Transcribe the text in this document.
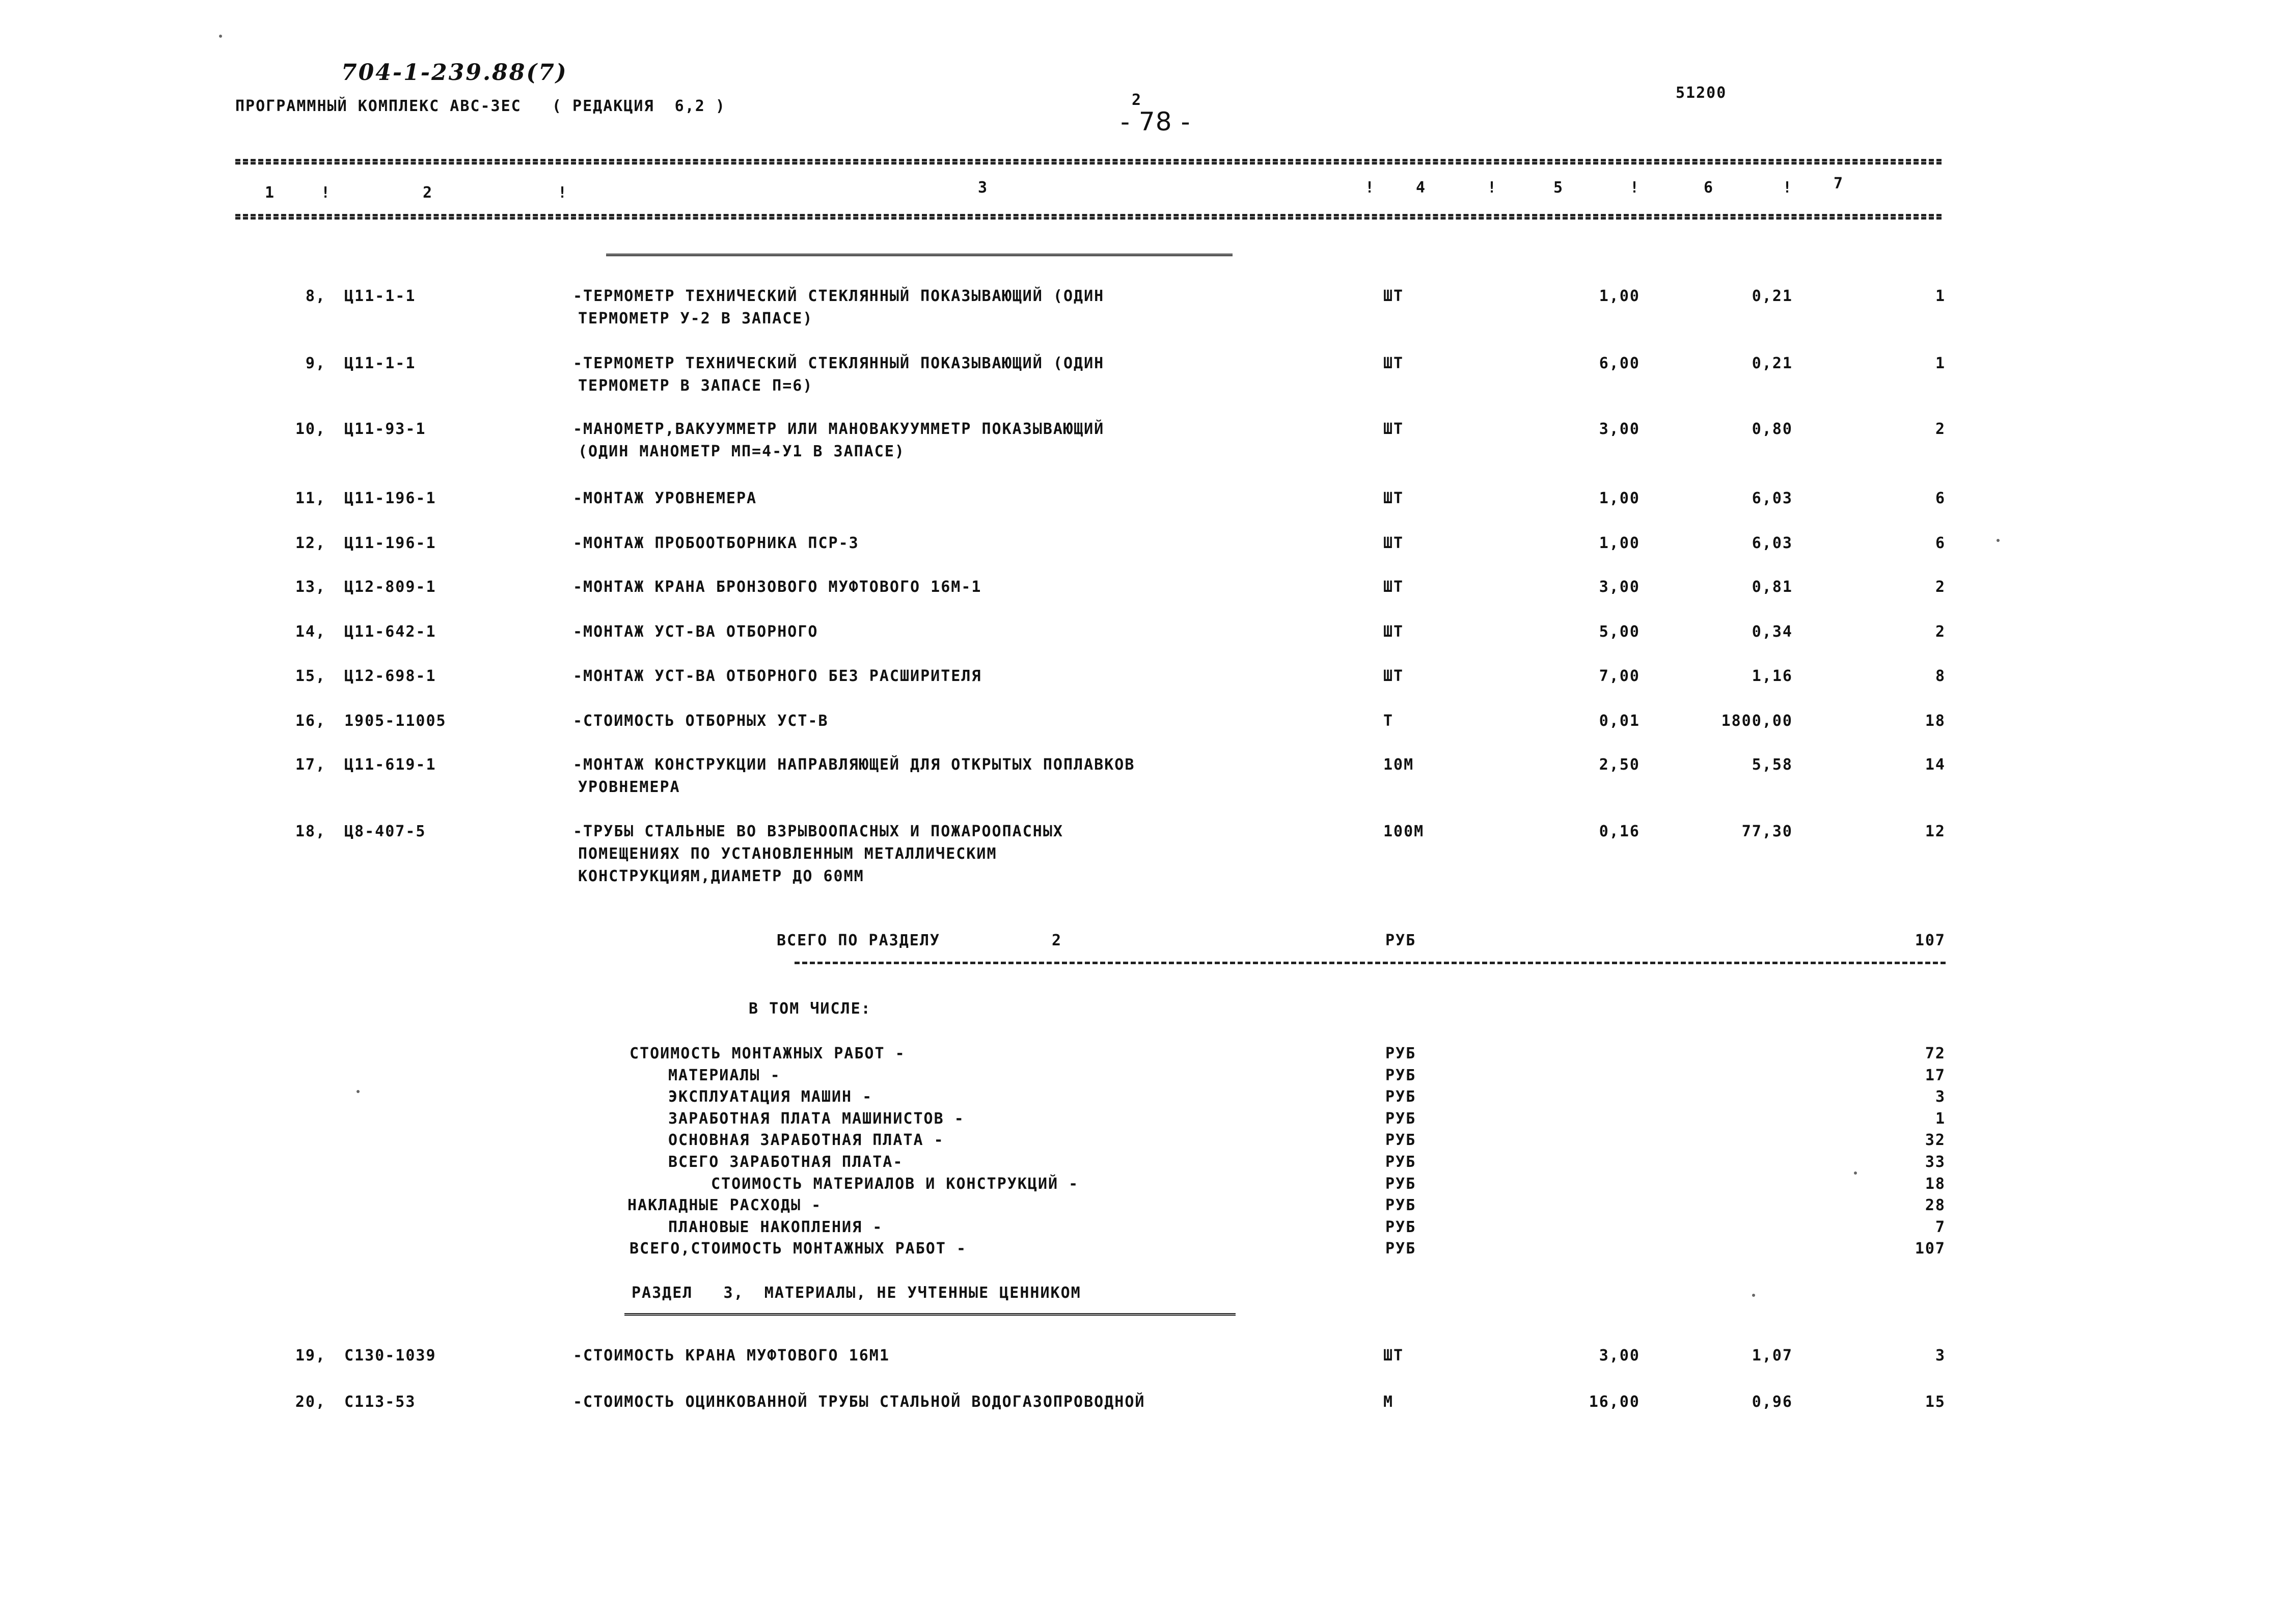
704-1-239.88(7)
ПРОГРАММНЫЙ КОМПЛЕКС АВС-ЗЕС   ( РЕДАКЦИЯ  6,2 )	2
- 78 -
51200
1	!	2	!	3	!	4	!	5	!	6	!	7
8, Ц11-1-1	-ТЕРМОМЕТР ТЕХНИЧЕСКИЙ СТЕКЛЯННЫЙ ПОКАЗЫВАЮЩИЙ (ОДИН
ТЕРМОМЕТР У-2 В ЗАПАСЕ)
ШТ	1,00	0,21	1
9, Ц11-1-1	-ТЕРМОМЕТР ТЕХНИЧЕСКИЙ СТЕКЛЯННЫЙ ПОКАЗЫВАЮЩИЙ (ОДИН
ТЕРМОМЕТР В ЗАПАСЕ П=6)
ШТ	6,00	0,21	1
10, Ц11-93-1	-МАНОМЕТР,ВАКУУММЕТР ИЛИ МАНОВАКУУММЕТР ПОКАЗЫВАЮЩИЙ
(ОДИН МАНОМЕТР МП=4-У1 В ЗАПАСЕ)
ШТ	3,00	0,80	2
11, Ц11-196-1	-МОНТАЖ УРОВНЕМЕРА	ШТ	1,00	6,03	6
12, Ц11-196-1	-МОНТАЖ ПРОБООТБОРНИКА ПСР-3	ШТ	1,00	6,03	6
13, Ц12-809-1	-МОНТАЖ КРАНА БРОНЗОВОГО МУФТОВОГО 16М-1	ШТ	3,00	0,81	2
14, Ц11-642-1	-МОНТАЖ УСТ-ВА ОТБОРНОГО	ШТ	5,00	0,34	2
15, Ц12-698-1	-МОНТАЖ УСТ-ВА ОТБОРНОГО БЕЗ РАСШИРИТЕЛЯ	ШТ	7,00	1,16	8
16, 1905-11005	-СТОИМОСТЬ ОТБОРНЫХ УСТ-В	Т	0,01	1800,00	18
17, Ц11-619-1	-МОНТАЖ КОНСТРУКЦИИ НАПРАВЛЯЮЩЕЙ ДЛЯ ОТКРЫТЫХ ПОПЛАВКОВ
УРОВНЕМЕРА
10М	2,50	5,58	14
18, Ц8-407-5	-ТРУБЫ СТАЛЬНЫЕ ВО ВЗРЫВООПАСНЫХ И ПОЖАРООПАСНЫХ
ПОМЕЩЕНИЯХ ПО УСТАНОВЛЕННЫМ МЕТАЛЛИЧЕСКИМ
КОНСТРУКЦИЯМ,ДИАМЕТР ДО 60ММ
100М	0,16	77,30	12
ВСЕГО ПО РАЗДЕЛУ	2	РУБ	107
В ТОМ ЧИСЛЕ:
СТОИМОСТЬ МОНТАЖНЫХ РАБОТ -	РУБ	72
МАТЕРИАЛЫ -	РУБ	17
ЭКСПЛУАТАЦИЯ МАШИН -	РУБ	3
ЗАРАБОТНАЯ ПЛАТА МАШИНИСТОВ -	РУБ	1
ОСНОВНАЯ ЗАРАБОТНАЯ ПЛАТА -	РУБ	32
ВСЕГО ЗАРАБОТНАЯ ПЛАТА-	РУБ	33
СТОИМОСТЬ МАТЕРИАЛОВ И КОНСТРУКЦИЙ -	РУБ	18
НАКЛАДНЫЕ РАСХОДЫ -	РУБ	28
ПЛАНОВЫЕ НАКОПЛЕНИЯ -	РУБ	7
ВСЕГО,СТОИМОСТЬ МОНТАЖНЫХ РАБОТ -	РУБ	107
РАЗДЕЛ   3,  МАТЕРИАЛЫ, НЕ УЧТЕННЫЕ ЦЕННИКОМ
19, С130-1039	-СТОИМОСТЬ КРАНА МУФТОВОГО 16М1	ШТ	3,00	1,07	3
20, С113-53	-СТОИМОСТЬ ОЦИНКОВАННОЙ ТРУБЫ СТАЛЬНОЙ ВОДОГАЗОПРОВОДНОЙ	М	16,00	0,96	15
